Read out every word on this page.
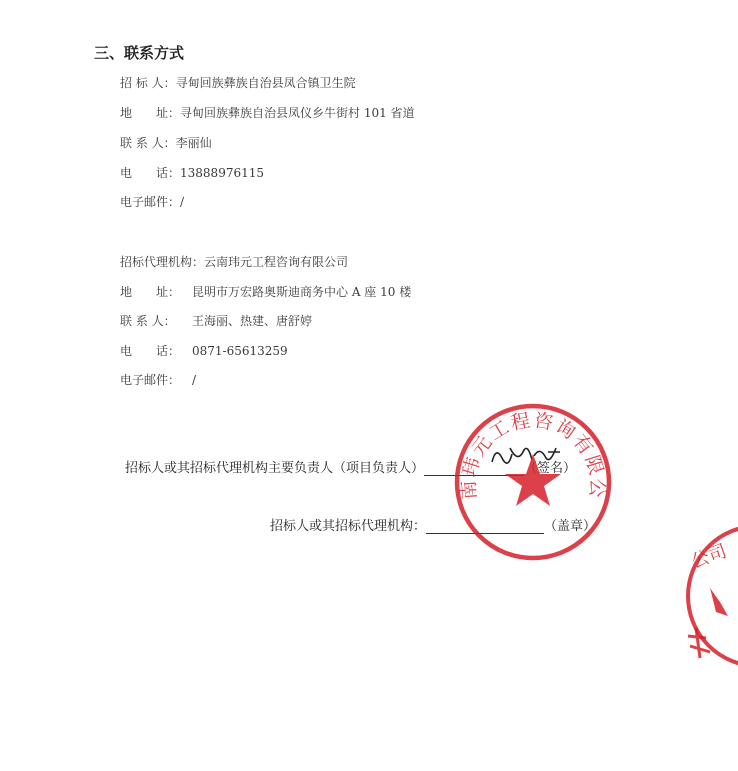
三、联系方式
招 标 人：寻甸回族彝族自治县凤合镇卫生院
地　　址：寻甸回族彝族自治县凤仪乡牛街村 101 省道
联 系 人：李丽仙
电　　话：13888976115
电子邮件：/
招标代理机构：云南玮元工程咨询有限公司
地　　址： 昆明市万宏路奥斯迪商务中心 A 座 10 楼
联 系 人： 王海丽、热建、唐舒婷
电　　话： 0871-65613259
电子邮件： /
招标人或其招标代理机构主要负责人（项目负责人）	（签名）
招标人或其招标代理机构：	（盖章）
云南玮元工程咨询有限公司
公司
